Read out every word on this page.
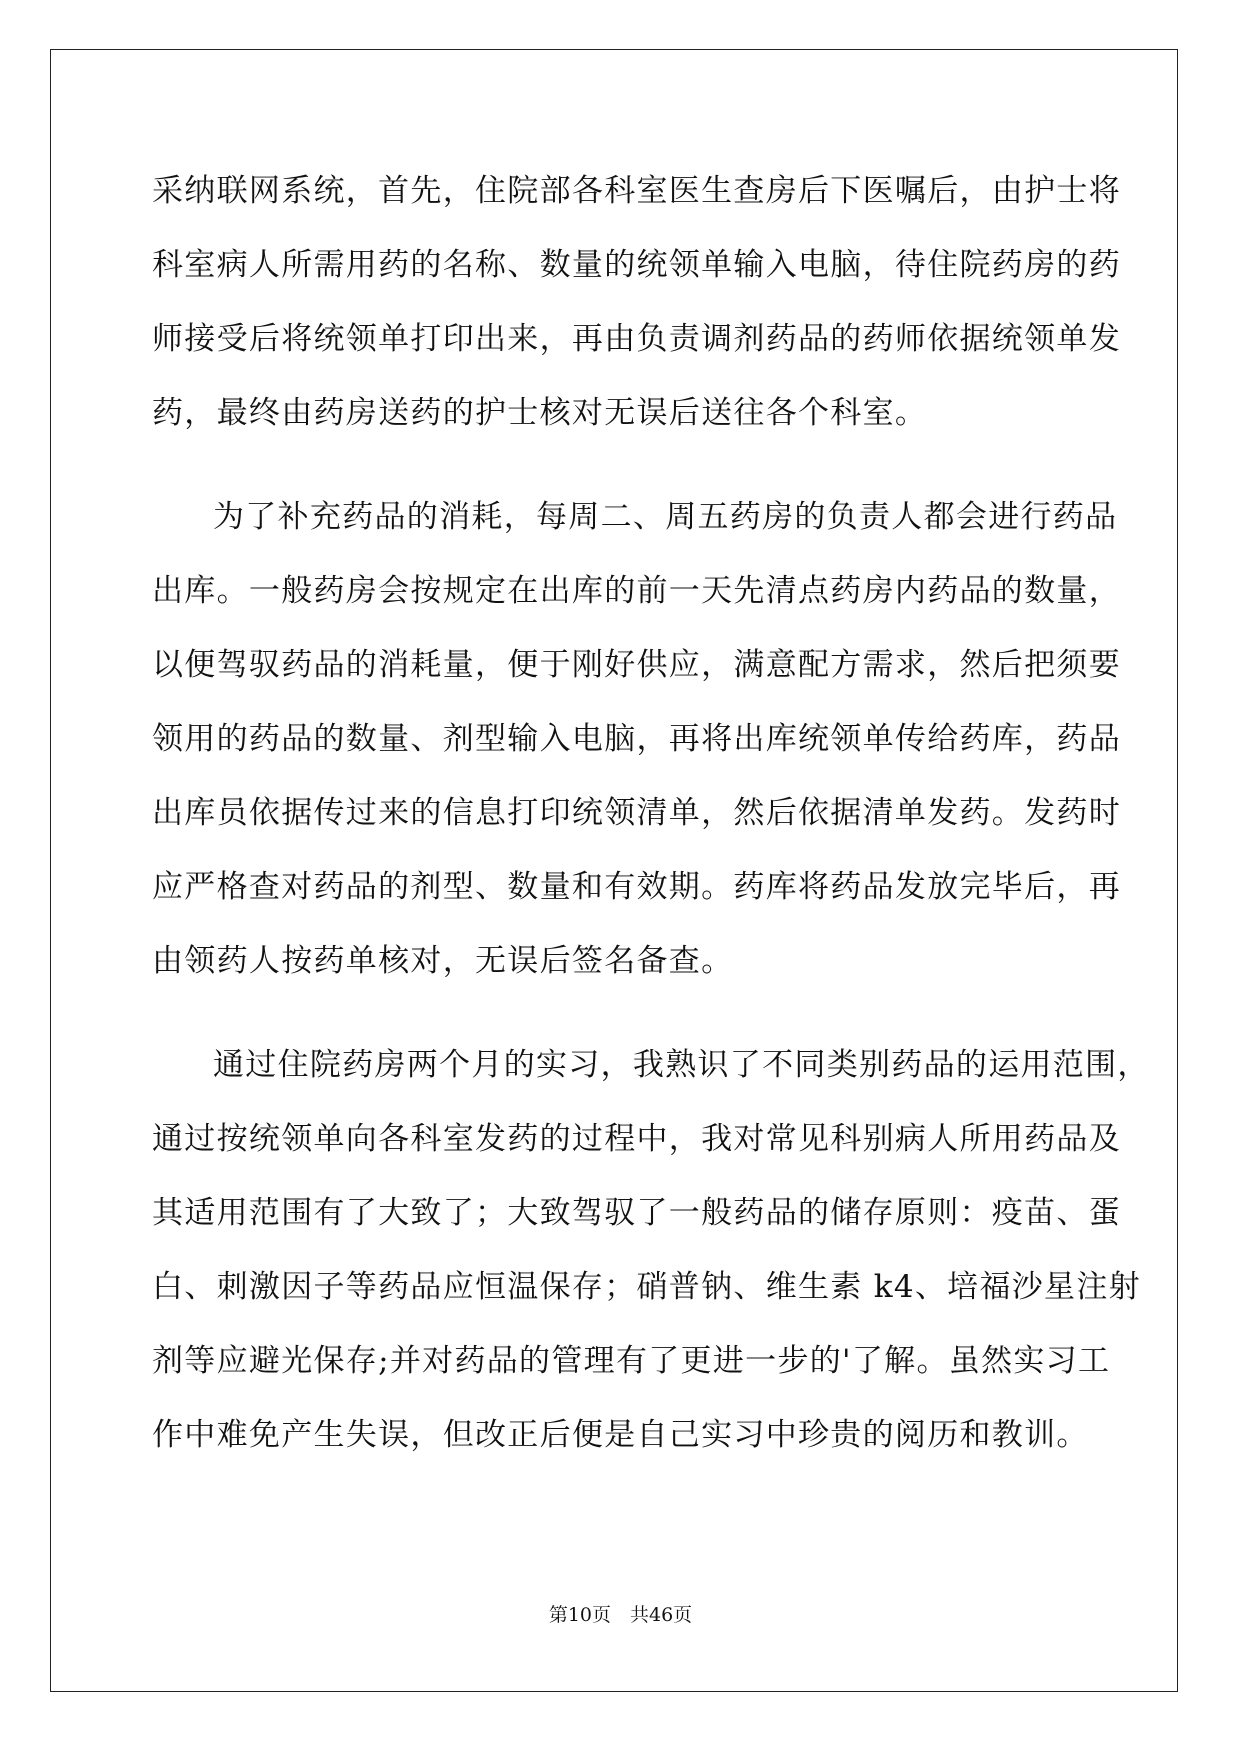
采纳联网系统，首先，住院部各科室医生查房后下医嘱后，由护士将
科室病人所需用药的名称、数量的统领单输入电脑，待住院药房的药
师接受后将统领单打印出来，再由负责调剂药品的药师依据统领单发
药，最终由药房送药的护士核对无误后送往各个科室。
为了补充药品的消耗，每周二、周五药房的负责人都会进行药品
出库。一般药房会按规定在出库的前一天先清点药房内药品的数量，
以便驾驭药品的消耗量，便于刚好供应，满意配方需求，然后把须要
领用的药品的数量、剂型输入电脑，再将出库统领单传给药库，药品
出库员依据传过来的信息打印统领清单，然后依据清单发药。发药时
应严格查对药品的剂型、数量和有效期。药库将药品发放完毕后，再
由领药人按药单核对，无误后签名备查。
通过住院药房两个月的实习，我熟识了不同类别药品的运用范围，
通过按统领单向各科室发药的过程中，我对常见科别病人所用药品及
其适用范围有了大致了；大致驾驭了一般药品的储存原则：疫苗、蛋
白、刺激因子等药品应恒温保存；硝普钠、维生素 k4、培福沙星注射
剂等应避光保存;并对药品的管理有了更进一步的'了解。虽然实习工
作中难免产生失误，但改正后便是自己实习中珍贵的阅历和教训。
第10页　共46页
